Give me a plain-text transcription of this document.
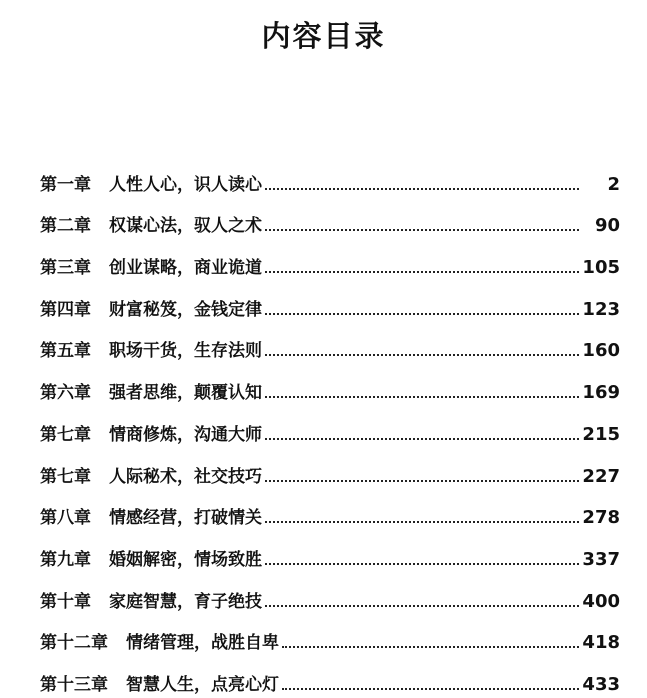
内容目录
第一章 人性人心，识人读心	2
第二章 权谋心法，驭人之术	90
第三章 创业谋略，商业诡道	105
第四章 财富秘笈，金钱定律	123
第五章 职场干货，生存法则	160
第六章 强者思维，颠覆认知	169
第七章 情商修炼，沟通大师	215
第七章 人际秘术，社交技巧	227
第八章 情感经营，打破情关	278
第九章 婚姻解密，情场致胜	337
第十章 家庭智慧，育子绝技	400
第十二章 情绪管理，战胜自卑	418
第十三章 智慧人生，点亮心灯	433
